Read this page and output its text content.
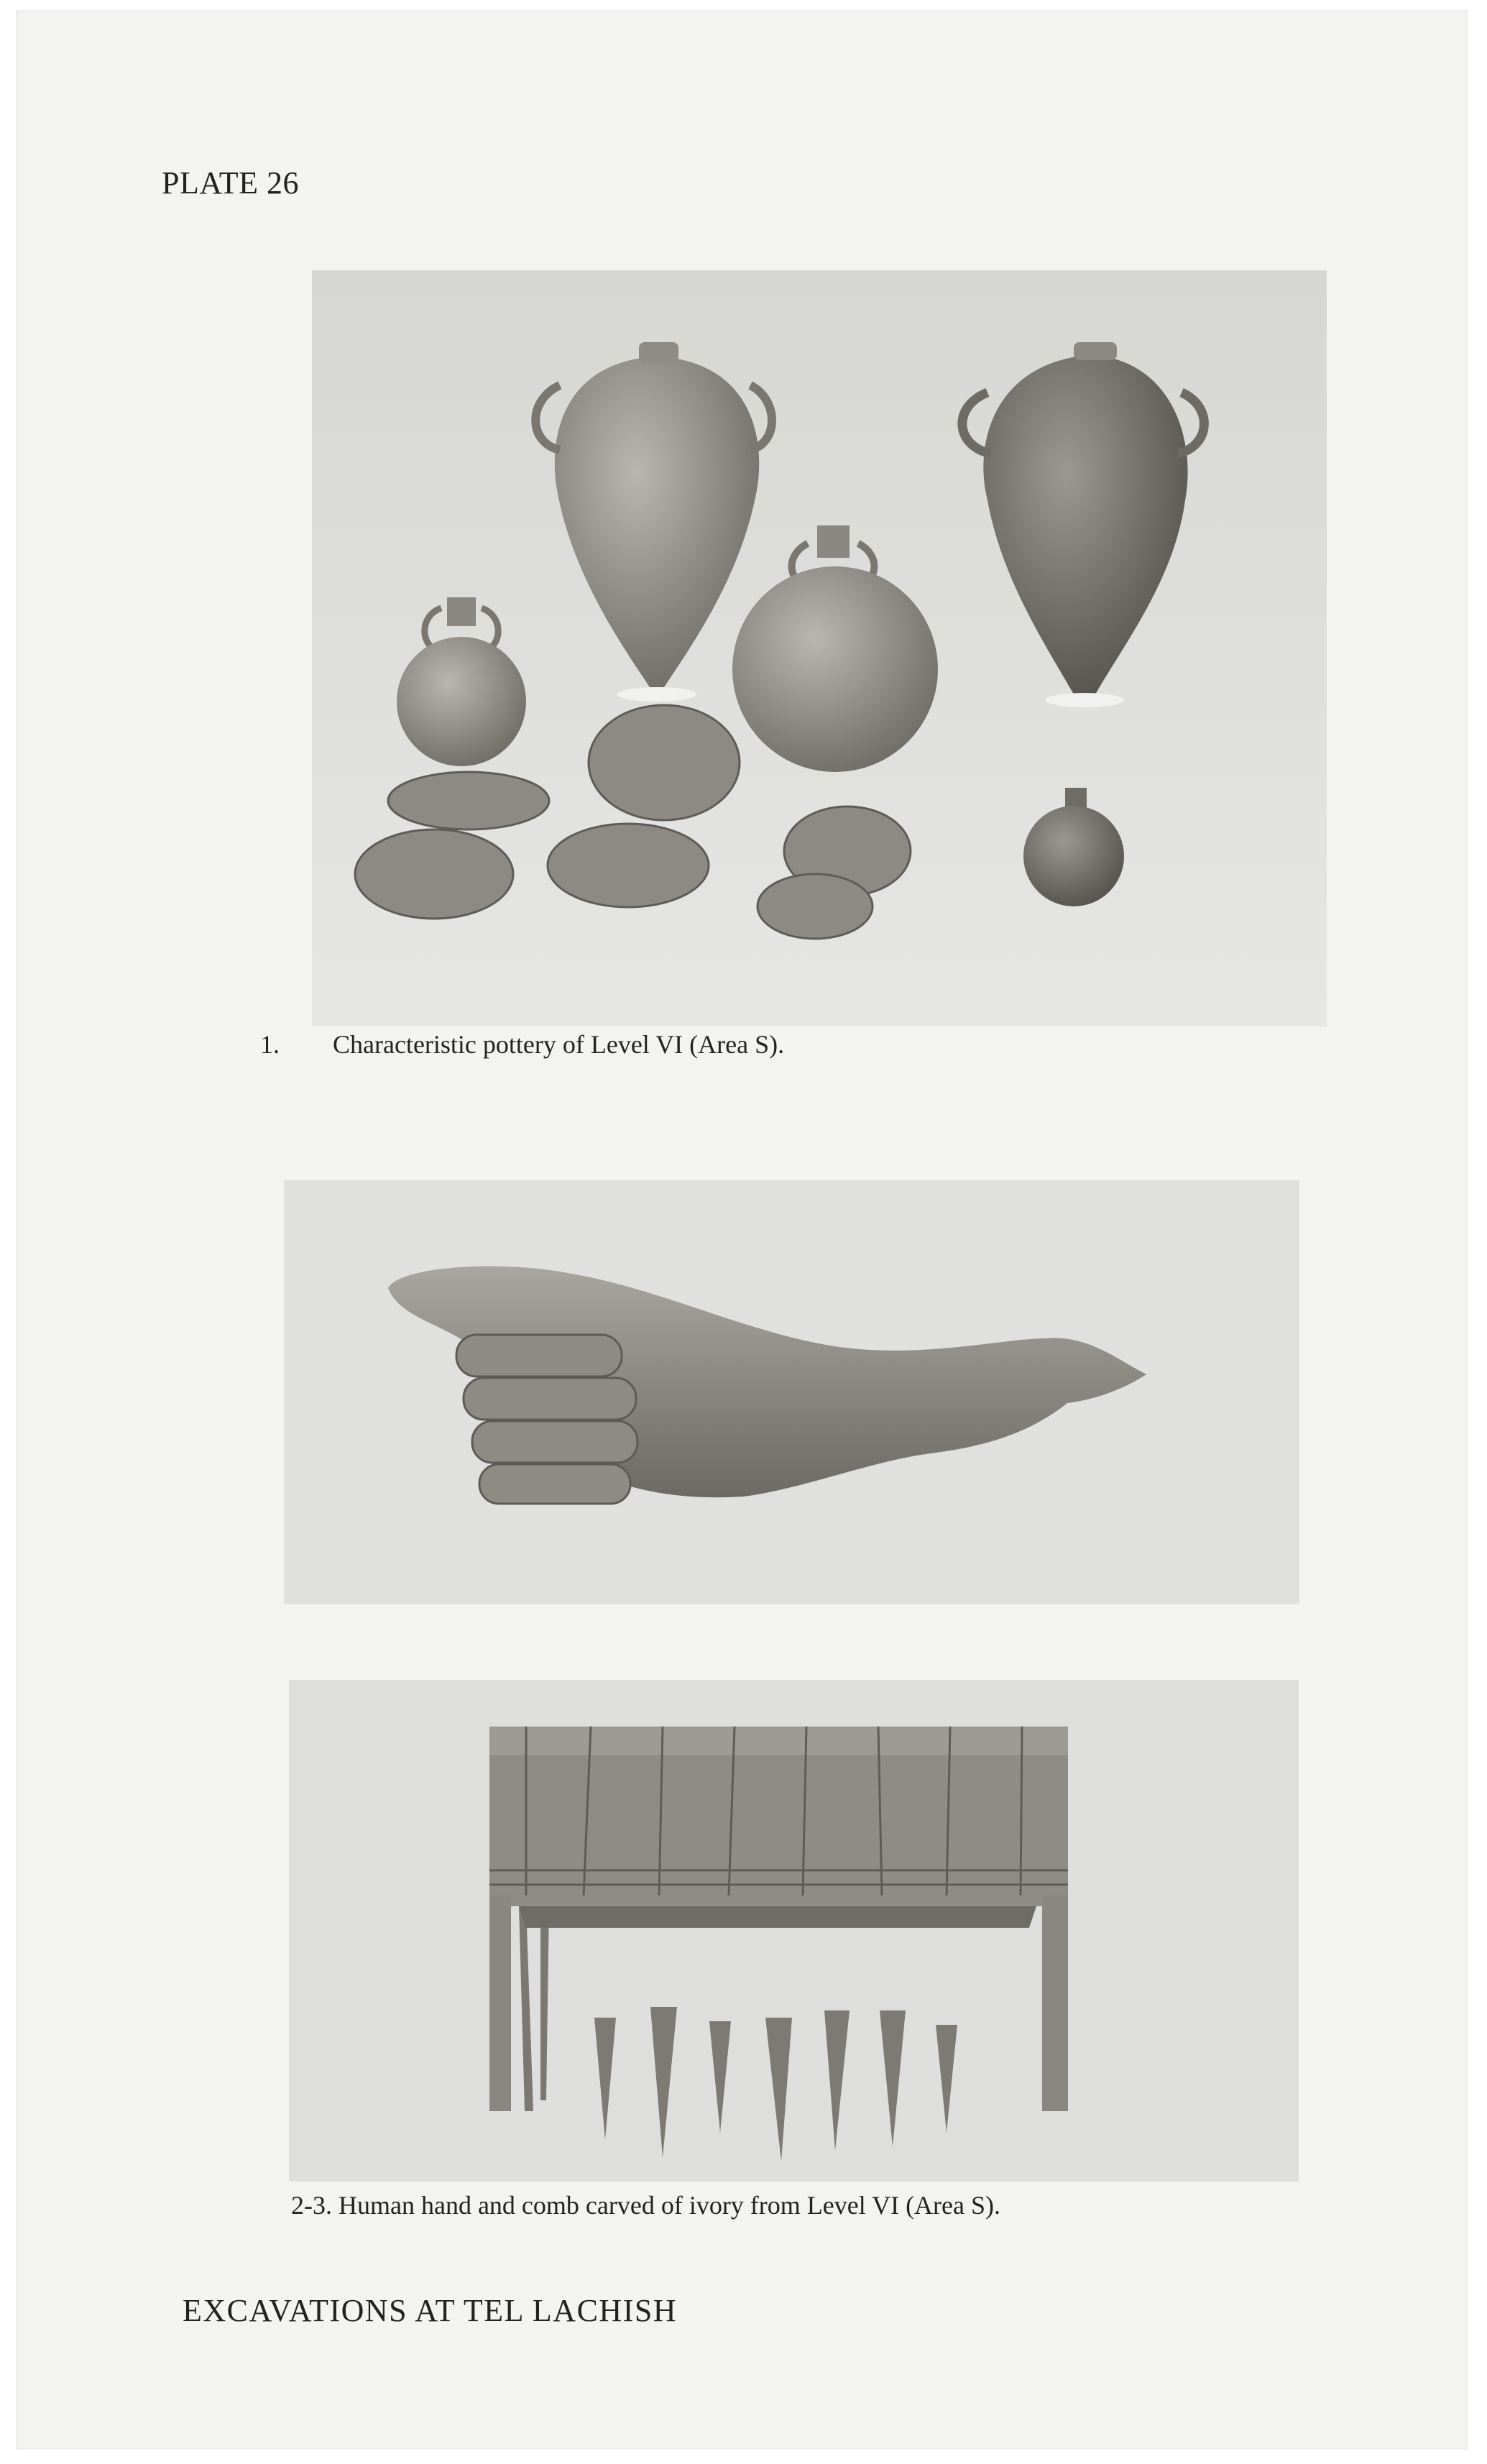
PLATE 26
1. Characteristic pottery of Level VI (Area S).
2-3. Human hand and comb carved of ivory from Level VI (Area S).
EXCAVATIONS AT TEL LACHISH
